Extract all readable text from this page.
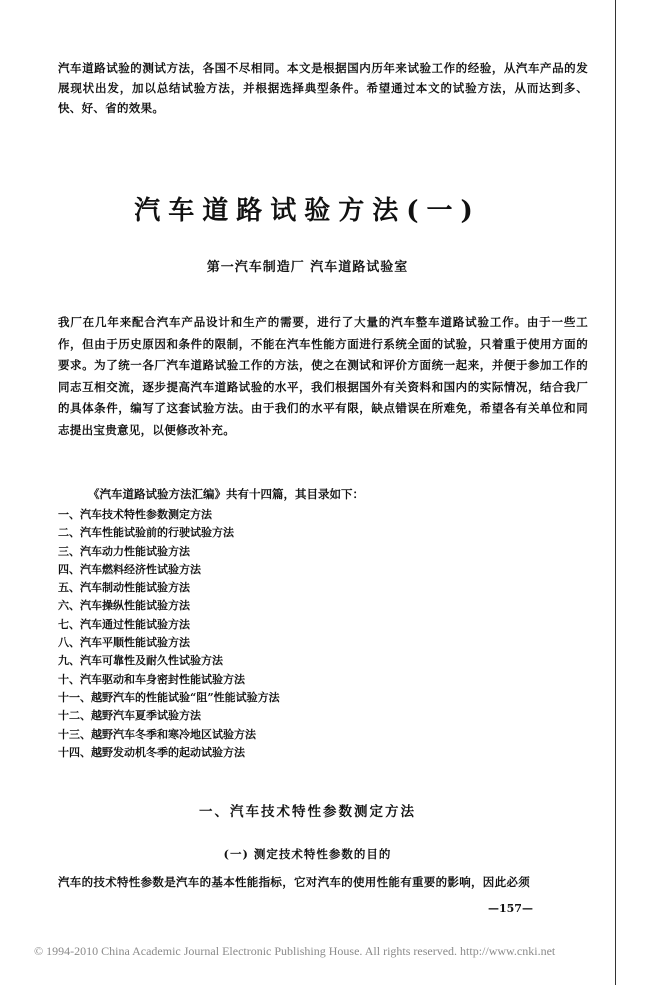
汽车道路试验的测试方法，各国不尽相同。本文是根据国内历年来试验工作的经验，从汽车产品的发展现状出发，加以总结试验方法，并根据选择典型条件。希望通过本文的试验方法，从而达到多、快、好、省的效果。

汽车道路试验方法(一)
第一汽车制造厂 汽车道路试验室

我厂在几年来配合汽车产品设计和生产的需要，进行了大量的汽车整车道路试验工作。由于一些工作，但由于历史原因和条件的限制，不能在汽车性能方面进行系统全面的试验，只着重于使用方面的要求。为了统一各厂汽车道路试验工作的方法，使之在测试和评价方面统一起来，并便于参加工作的同志互相交流，逐步提高汽车道路试验的水平，我们根据国外有关资料和国内的实际情况，结合我厂的具体条件，编写了这套试验方法。由于我们的水平有限，缺点错误在所难免，希望各有关单位和同志提出宝贵意见，以便修改补充。

《汽车道路试验方法汇编》共有十四篇，其目录如下：
一、汽车技术特性参数测定方法
二、汽车性能试验前的行驶试验方法
三、汽车动力性能试验方法
四、汽车燃料经济性试验方法
五、汽车制动性能试验方法
六、汽车操纵性能试验方法
七、汽车通过性能试验方法
八、汽车平顺性能试验方法
九、汽车可靠性及耐久性试验方法
十、汽车驱动和车身密封性能试验方法
十一、越野汽车的性能试验“阻”性能试验方法
十二、越野汽车夏季试验方法
十三、越野汽车冬季和寒冷地区试验方法
十四、越野发动机冬季的起动试验方法
一、汽车技术特性参数测定方法
(一) 测定技术特性参数的目的

汽车的技术特性参数是汽车的基本性能指标，它对汽车的使用性能有重要的影响，因此必须

—157—
© 1994-2010 China Academic Journal Electronic Publishing House. All rights reserved. http://www.cnki.net
